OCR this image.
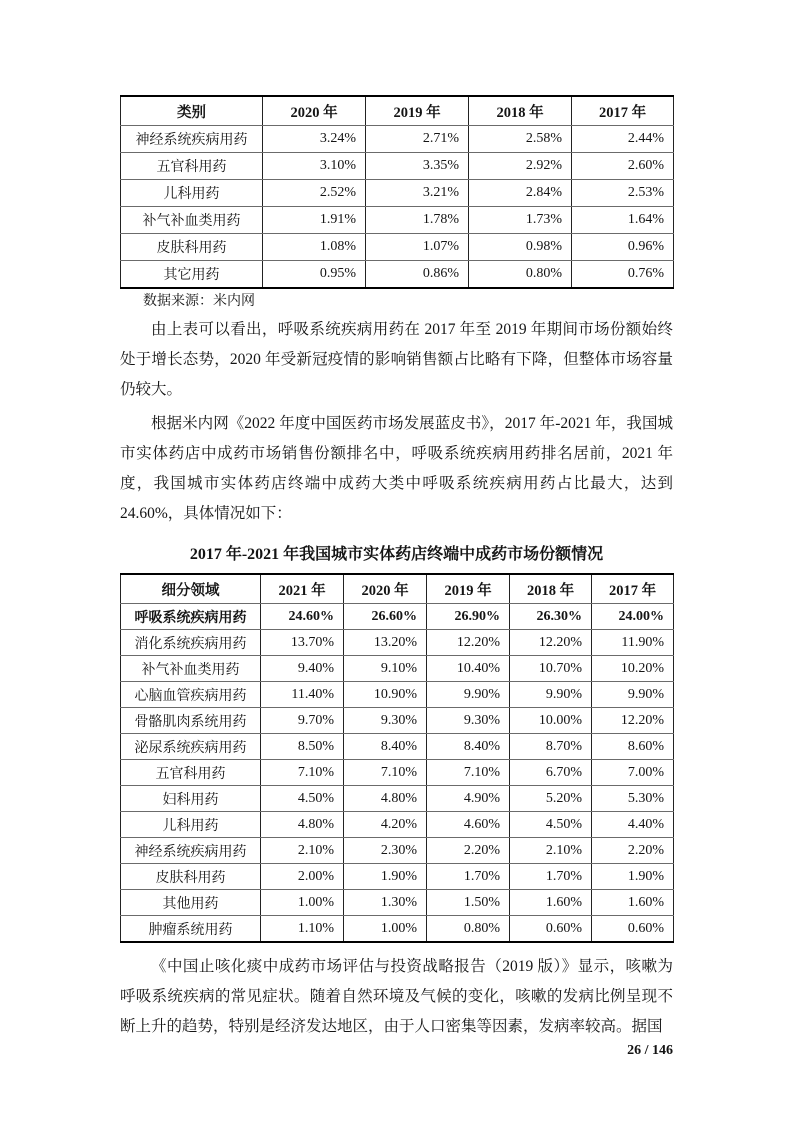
类别	2020 年	2019 年	2018 年	2017 年
神经系统疾病用药	3.24%	2.71%	2.58%	2.44%
五官科用药	3.10%	3.35%	2.92%	2.60%
儿科用药	2.52%	3.21%	2.84%	2.53%
补气补血类用药	1.91%	1.78%	1.73%	1.64%
皮肤科用药	1.08%	1.07%	0.98%	0.96%
其它用药	0.95%	0.86%	0.80%	0.76%
数据来源：米内网

由上表可以看出，呼吸系统疾病用药在 2017 年至 2019 年期间市场份额始终处于增长态势，2020 年受新冠疫情的影响销售额占比略有下降，但整体市场容量仍较大。

根据米内网《2022 年度中国医药市场发展蓝皮书》，2017 年-2021 年，我国城市实体药店中成药市场销售份额排名中，呼吸系统疾病用药排名居前，2021 年度，我国城市实体药店终端中成药大类中呼吸系统疾病用药占比最大，达到 24.60%，具体情况如下：

2017 年-2021 年我国城市实体药店终端中成药市场份额情况
细分领域	2021 年	2020 年	2019 年	2018 年	2017 年
呼吸系统疾病用药	24.60%	26.60%	26.90%	26.30%	24.00%
消化系统疾病用药	13.70%	13.20%	12.20%	12.20%	11.90%
补气补血类用药	9.40%	9.10%	10.40%	10.70%	10.20%
心脑血管疾病用药	11.40%	10.90%	9.90%	9.90%	9.90%
骨骼肌肉系统用药	9.70%	9.30%	9.30%	10.00%	12.20%
泌尿系统疾病用药	8.50%	8.40%	8.40%	8.70%	8.60%
五官科用药	7.10%	7.10%	7.10%	6.70%	7.00%
妇科用药	4.50%	4.80%	4.90%	5.20%	5.30%
儿科用药	4.80%	4.20%	4.60%	4.50%	4.40%
神经系统疾病用药	2.10%	2.30%	2.20%	2.10%	2.20%
皮肤科用药	2.00%	1.90%	1.70%	1.70%	1.90%
其他用药	1.00%	1.30%	1.50%	1.60%	1.60%
肿瘤系统用药	1.10%	1.00%	0.80%	0.60%	0.60%

《中国止咳化痰中成药市场评估与投资战略报告（2019 版）》显示，咳嗽为呼吸系统疾病的常见症状。随着自然环境及气候的变化，咳嗽的发病比例呈现不断上升的趋势，特别是经济发达地区，由于人口密集等因素，发病率较高。据国

26 / 146
